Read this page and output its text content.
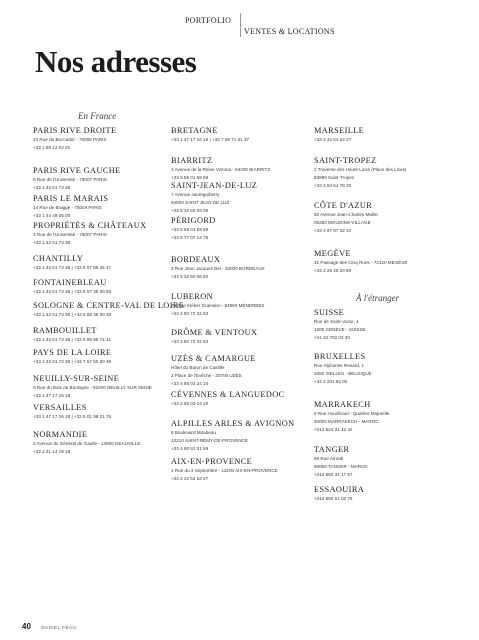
PORTFOLIO
VENTES & LOCATIONS
Nos adresses
En France
À l'étranger
PARIS RIVE DROITE
24 Rue du Boccador - 75008 PARIS
+33 1 58 12 02 02
PARIS RIVE GAUCHE
5 Rue de l'Université - 75007 PARIS
+33 1 42 61 73 38
PARIS LE MARAIS
14 Rue de Bragge - 75004 PARIS
+33 1 44 49 05 00
PROPRIÉTÉS & CHÂTEAUX
3 Rue de l'Université - 75007 PARIS
+33 1 42 61 73 38
CHANTILLY
+33 1 42 61 73 38 | +33 6 07 86 45 47
FONTAINEBLEAU
+33 1 42 61 73 38 | +33 6 07 39 00 83
SOLOGNE & CENTRE-VAL DE LOIRE
+33 1 42 61 73 38 | +33 6 59 36 50 28
RAMBOUILLET
+33 1 42 61 73 38 | +33 6 95 85 74 41
PAYS DE LA LOIRE
+33 1 42 61 73 38 | +33 7 57 50 50 49
NEUILLY-SUR-SEINE
9 Rue du Bois de Boulogne - 92200 NEUILLY SUR SEINE
+33 1 47 17 16 18
VERSAILLES
+33 1 47 17 16 18 | +33 6 01 98 21 76
NORMANDIE
2 Avenue du Général de Gaulle - 14800 DEAUVILLE
+33 2 31 14 18 18
BRETAGNE
+33 1 47 17 16 18 | +33 7 69 71 51 37
BIARRITZ
2 Avenue de la Reine Victoria - 64200 BIARRITZ
+33 5 59 01 59 59
SAINT-JEAN-DE-LUZ
7 Avenue Jaureguiberry
64500 SAINT JEAN DE LUZ
+33 5 32 50 09 09
PÉRIGORD
+33 5 59 01 59 59
+33 6 77 07 14 76
BORDEAUX
3 Rue Jean Jacques Bel - 33000 BORDEAUX
+33 5 32 50 56 80
LUBERON
79 Rue Kléber Guendon - 84560 MÉNERBES
+33 4 90 72 32 93
DRÔME & VENTOUX
+33 4 90 72 32 93
UZÈS & CAMARGUE
Hôtel du Baron de Castille
2 Place de l'Evêché - 30700 UZÈS
+33 4 66 03 24 10
CÉVENNES & LANGUEDOC
+33 4 66 03 24 10
ALPILLES ARLES & AVIGNON
8 Boulevard Mirabeau
13210 SAINT-RÉMY-DE-PROVENCE
+33 4 90 91 01 59
AIX-EN-PROVENCE
1 Rue du 4 Septembre - 13100 AIX-EN-PROVENCE
+33 4 42 54 52 27
MARSEILLE
+33 4 42 54 52 27
SAINT-TROPEZ
2 Traverse des Hauts-Lices (Place des Lices)
83990 Saint-Tropez
+33 4 94 54 78 20
CÔTE D'AZUR
50 Avenue Jean-Charles Mallet
06250 MOUGINS-VILLAGE
+33 4 97 97 32 10
MEGÈVE
31 Passage des Cinq Rues - 74120 MEGÈVE
+33 4 28 28 20 80
SUISSE
Rue de Saint-Victor, 4
1206 GENÈVE - SUISSE
+41 22 702 02 30
BRUXELLES
Rue Alphonse Renard, 1
1050 IXELLES - BELGIQUE
+32 2 201 94 00
MARRAKECH
6 Rue Houdhoud - Quartier Majorelle
40000 MARRAKECH - MAROC
+212 524 31 42 42
TANGER
69 Rue Amrah
90000 TANGER - MAROC
+212 660 34 17 57
ESSAOUIRA
+212 660 01 02 79
40 DANIEL FÉAU
